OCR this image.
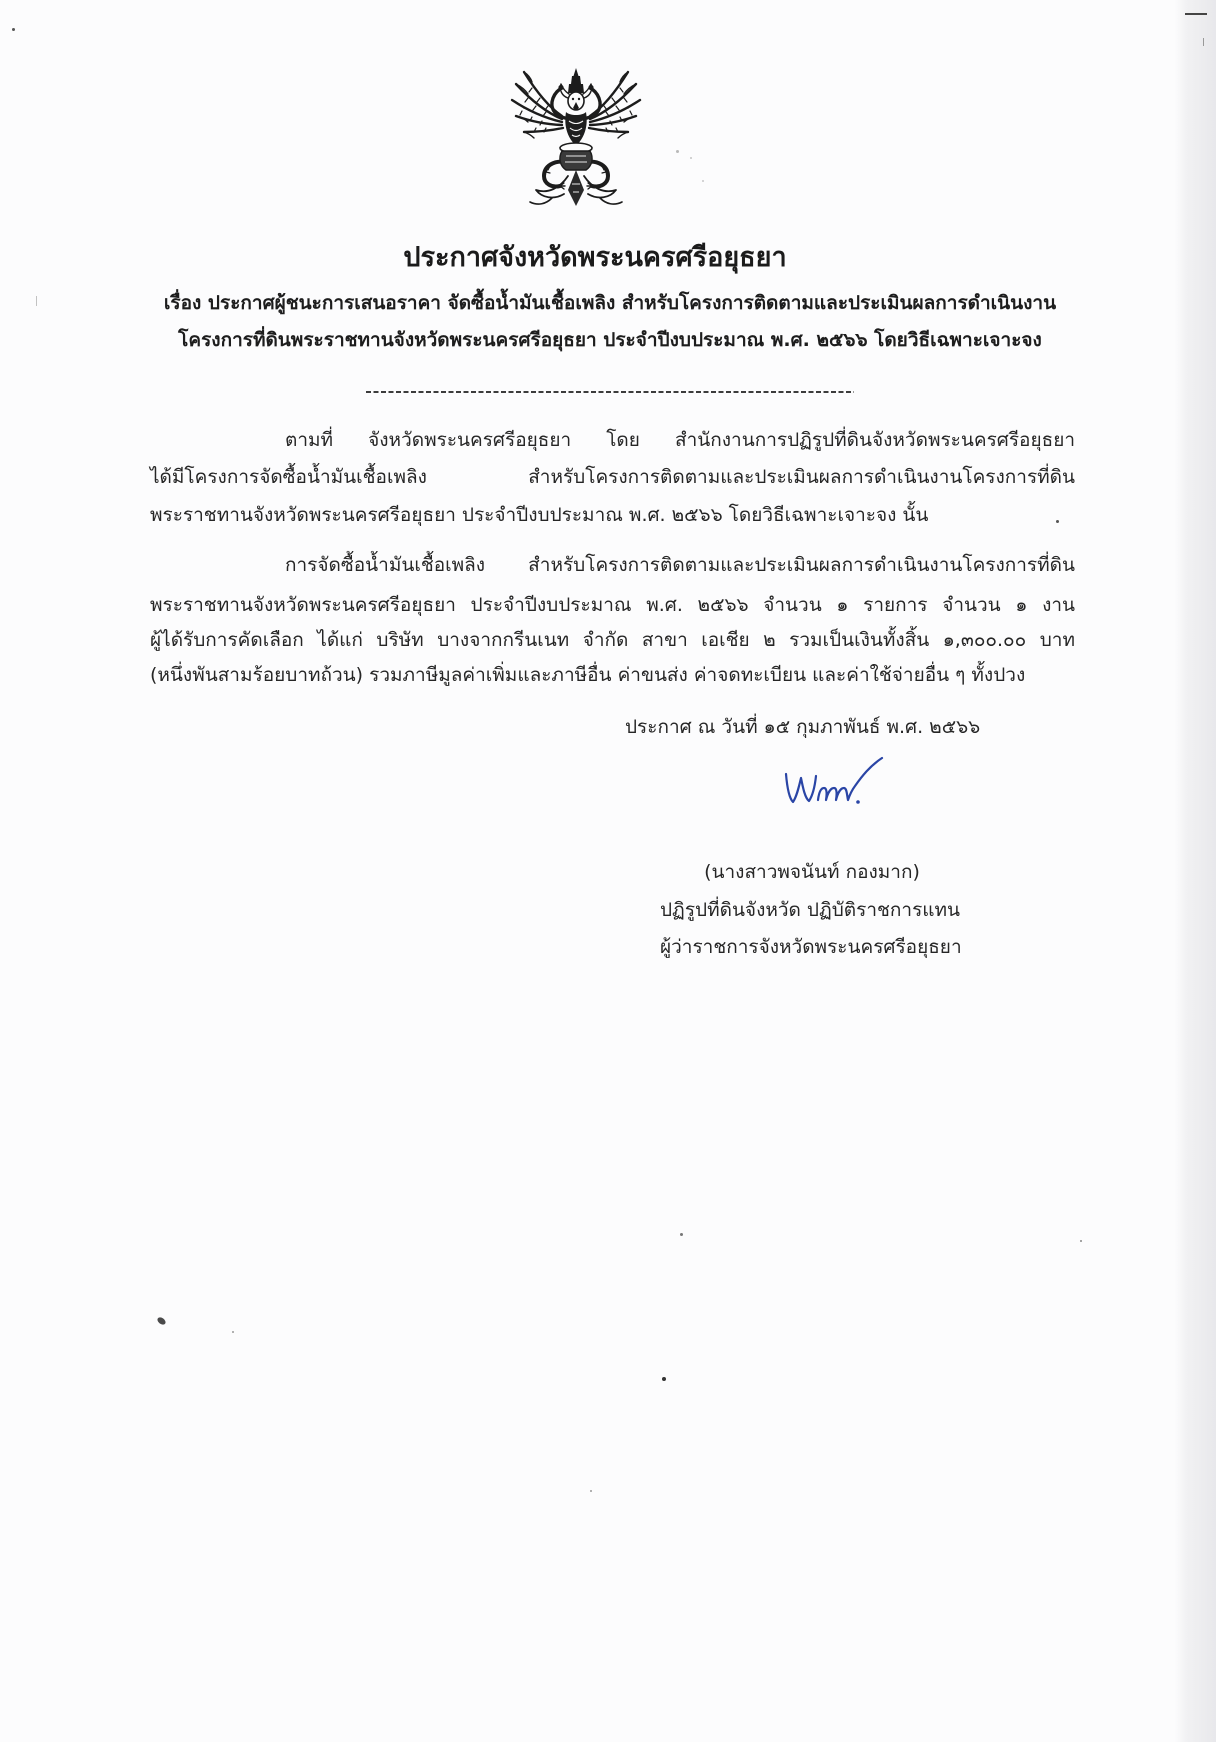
ประกาศจังหวัดพระนครศรีอยุธยา
เรื่อง ประกาศผู้ชนะการเสนอราคา จัดซื้อน้ำมันเชื้อเพลิง สำหรับโครงการติดตามและประเมินผลการดำเนินงาน
โครงการที่ดินพระราชทานจังหวัดพระนครศรีอยุธยา ประจำปีงบประมาณ พ.ศ. ๒๕๖๖ โดยวิธีเฉพาะเจาะจง
ตามที่ จังหวัดพระนครศรีอยุธยา โดย สำนักงานการปฏิรูปที่ดินจังหวัดพระนครศรีอยุธยา
ได้มีโครงการจัดซื้อน้ำมันเชื้อเพลิง สำหรับโครงการติดตามและประเมินผลการดำเนินงานโครงการที่ดิน
พระราชทานจังหวัดพระนครศรีอยุธยา ประจำปีงบประมาณ พ.ศ. ๒๕๖๖ โดยวิธีเฉพาะเจาะจง นั้น
การจัดซื้อน้ำมันเชื้อเพลิง สำหรับโครงการติดตามและประเมินผลการดำเนินงานโครงการที่ดิน
พระราชทานจังหวัดพระนครศรีอยุธยา ประจำปีงบประมาณ พ.ศ. ๒๕๖๖ จำนวน ๑ รายการ จำนวน ๑ งาน
ผู้ได้รับการคัดเลือก ได้แก่ บริษัท บางจากกรีนเนท จำกัด สาขา เอเชีย ๒ รวมเป็นเงินทั้งสิ้น ๑,๓๐๐.๐๐ บาท
(หนึ่งพันสามร้อยบาทถ้วน) รวมภาษีมูลค่าเพิ่มและภาษีอื่น ค่าขนส่ง ค่าจดทะเบียน และค่าใช้จ่ายอื่น ๆ ทั้งปวง
ประกาศ ณ วันที่ ๑๕ กุมภาพันธ์ พ.ศ. ๒๕๖๖
(นางสาวพจนันท์ กองมาก)
ปฏิรูปที่ดินจังหวัด ปฏิบัติราชการแทน
ผู้ว่าราชการจังหวัดพระนครศรีอยุธยา
